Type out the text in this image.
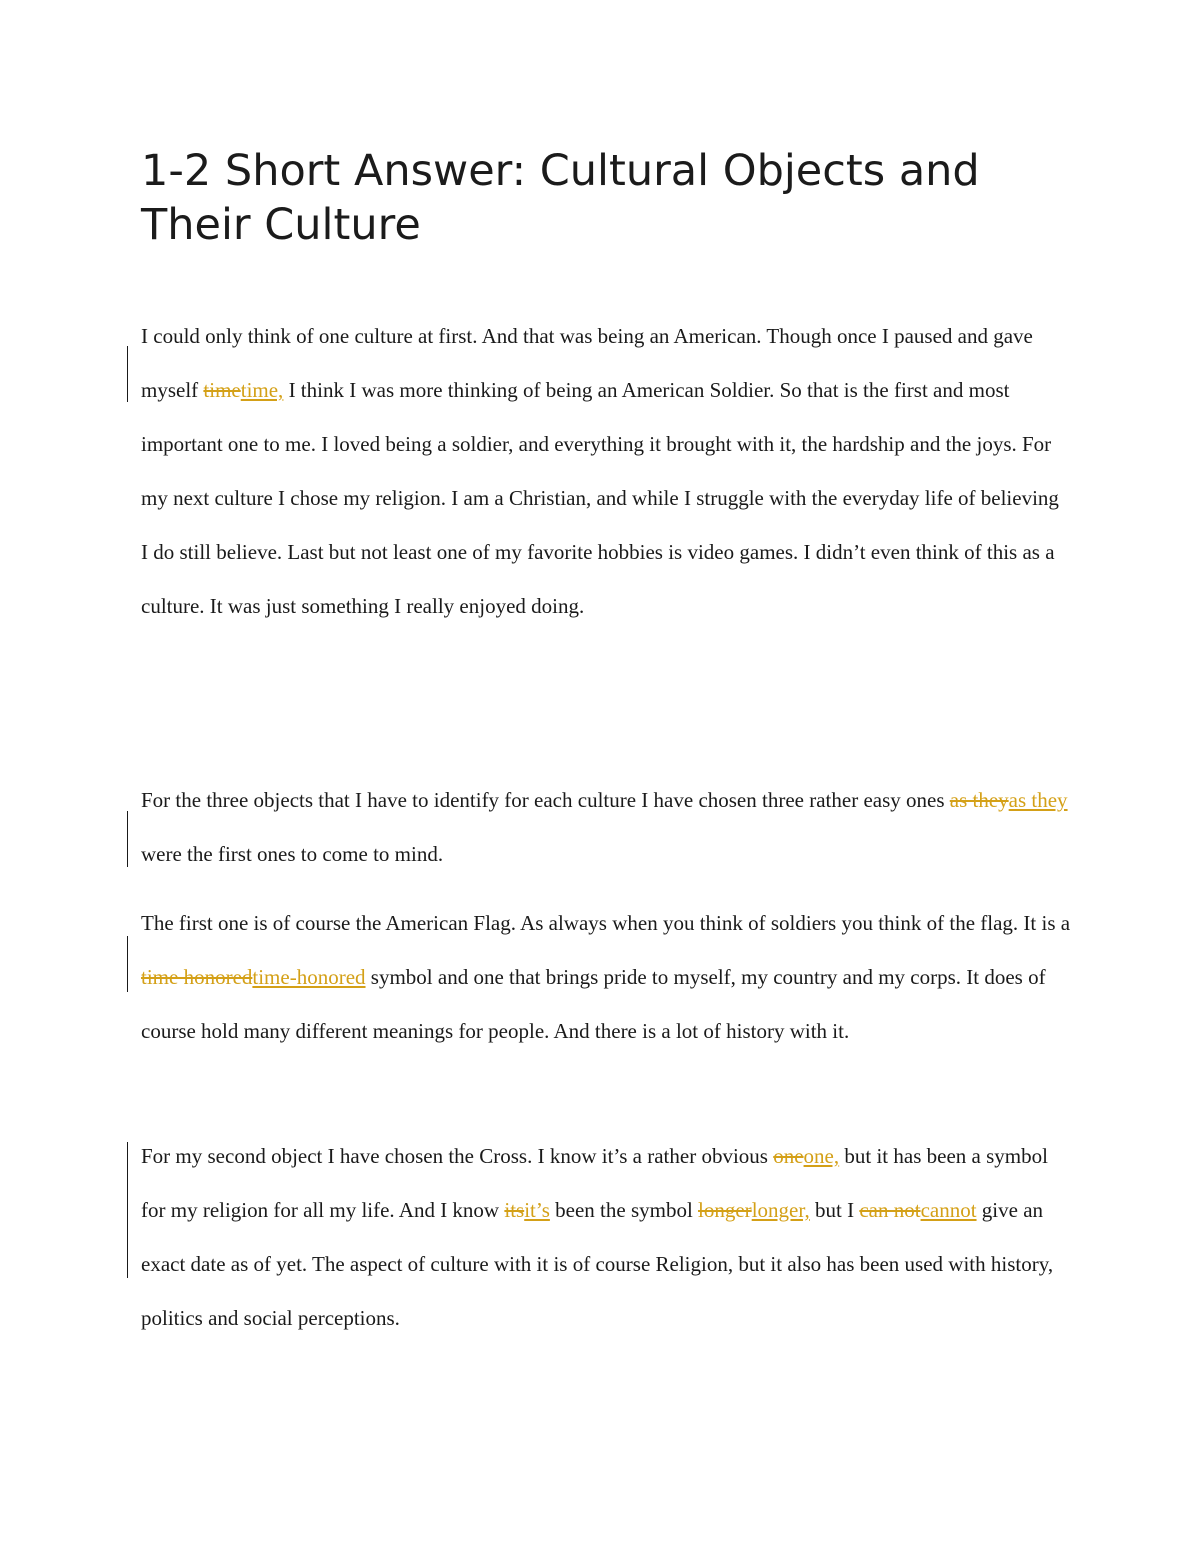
1-2 Short Answer: Cultural Objects and Their Culture

I could only think of one culture at first. And that was being an American. Though once I paused and gave myself timetime, I think I was more thinking of being an American Soldier. So that is the first and most important one to me. I loved being a soldier, and everything it brought with it, the hardship and the joys. For my next culture I chose my religion. I am a Christian, and while I struggle with the everyday life of believing I do still believe. Last but not least one of my favorite hobbies is video games. I didn’t even think of this as a culture. It was just something I really enjoyed doing.

For the three objects that I have to identify for each culture I have chosen three rather easy ones as theyas they were the first ones to come to mind.

The first one is of course the American Flag. As always when you think of soldiers you think of the flag. It is a time honoredtime-honored symbol and one that brings pride to myself, my country and my corps. It does of course hold many different meanings for people. And there is a lot of history with it.

For my second object I have chosen the Cross. I know it’s a rather obvious oneone, but it has been a symbol for my religion for all my life. And I know itsit’s been the symbol longerlonger, but I can notcannot give an exact date as of yet. The aspect of culture with it is of course Religion, but it also has been used with history, politics and social perceptions.
